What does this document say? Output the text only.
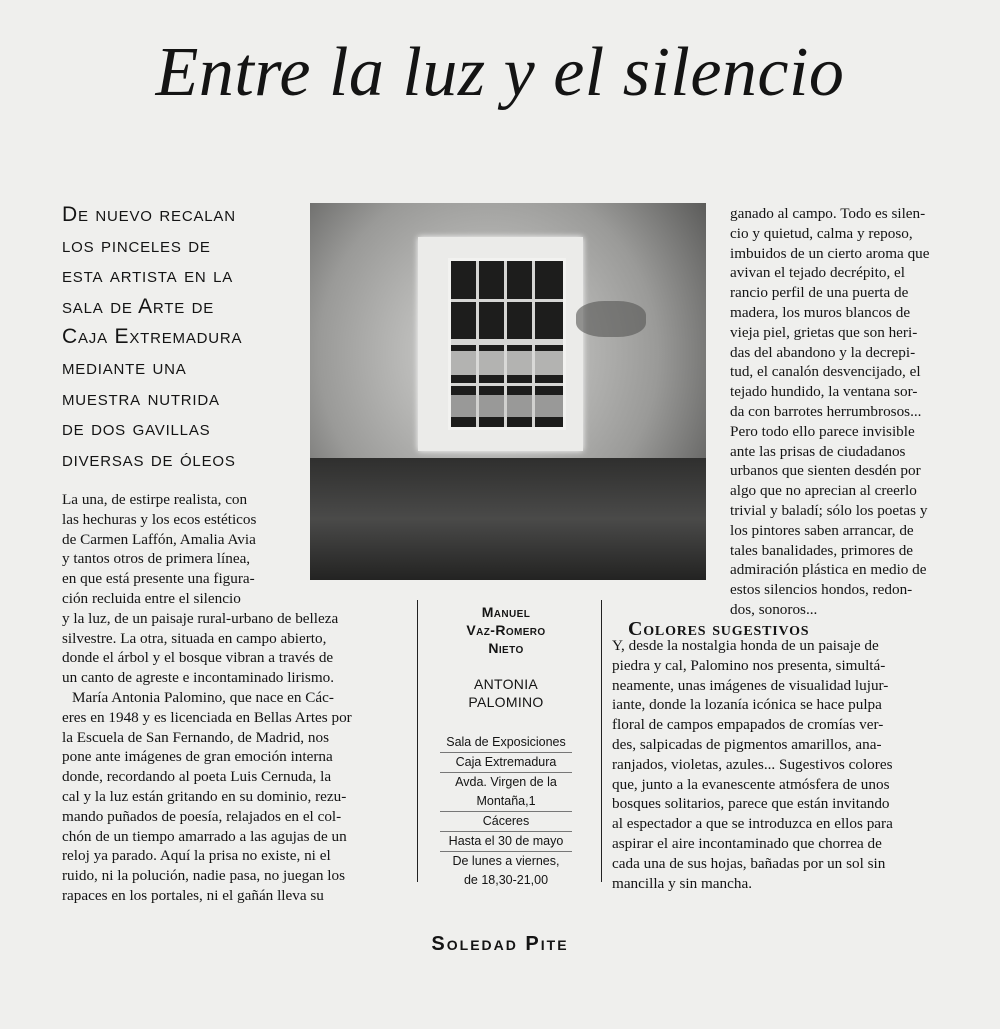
Entre la luz y el silencio
De nuevo recalan
los pinceles de
esta artista en la
sala de Arte de
Caja Extremadura
mediante una
muestra nutrida
de dos gavillas
diversas de óleos
La una, de estirpe realista, con
las hechuras y los ecos estéticos
de Carmen Laffón, Amalia Avia
y tantos otros de primera línea,
en que está presente una figura-
ción recluida entre el silencio
y la luz, de un paisaje rural-urbano de belleza
silvestre. La otra, situada en campo abierto,
donde el árbol y el bosque vibran a través de
un canto de agreste e incontaminado lirismo.
María Antonia Palomino, que nace en Các-
eres en 1948 y es licenciada en Bellas Artes por
la Escuela de San Fernando, de Madrid, nos
pone ante imágenes de gran emoción interna
donde, recordando al poeta Luis Cernuda, la
cal y la luz están gritando en su dominio, rezu-
mando puñados de poesía, relajados en el col-
chón de un tiempo amarrado a las agujas de un
reloj ya parado. Aquí la prisa no existe, ni el
ruido, ni la polución, nadie pasa, no juegan los
rapaces en los portales, ni el gañán lleva su
ganado al campo. Todo es silen-
cio y quietud, calma y reposo,
imbuidos de un cierto aroma que
avivan el tejado decrépito, el
rancio perfil de una puerta de
madera, los muros blancos de
vieja piel, grietas que son heri-
das del abandono y la decrepi-
tud, el canalón desvencijado, el
tejado hundido, la ventana sor-
da con barrotes herrumbrosos...
Pero todo ello parece invisible
ante las prisas de ciudadanos
urbanos que sienten desdén por
algo que no aprecian al creerlo
trivial y baladí; sólo los poetas y
los pintores saben arrancar, de
tales banalidades, primores de
admiración plástica en medio de
estos silencios hondos, redon-
dos, sonoros...
Manuel
Vaz-Romero
Nieto
ANTONIA
PALOMINO
Sala de Exposiciones
Caja Extremadura
Avda. Virgen de la
Montaña,1
Cáceres
Hasta el 30 de mayo
De lunes a viernes,
de 18,30-21,00
Colores sugestivos
Y, desde la nostalgia honda de un paisaje de
piedra y cal, Palomino nos presenta, simultá-
neamente, unas imágenes de visualidad lujur-
iante, donde la lozanía icónica se hace pulpa
floral de campos empapados de cromías ver-
des, salpicadas de pigmentos amarillos, ana-
ranjados, violetas, azules... Sugestivos colores
que, junto a la evanescente atmósfera de unos
bosques solitarios, parece que están invitando
al espectador a que se introduzca en ellos para
aspirar el aire incontaminado que chorrea de
cada una de sus hojas, bañadas por un sol sin
mancilla y sin mancha.
Soledad Pite
